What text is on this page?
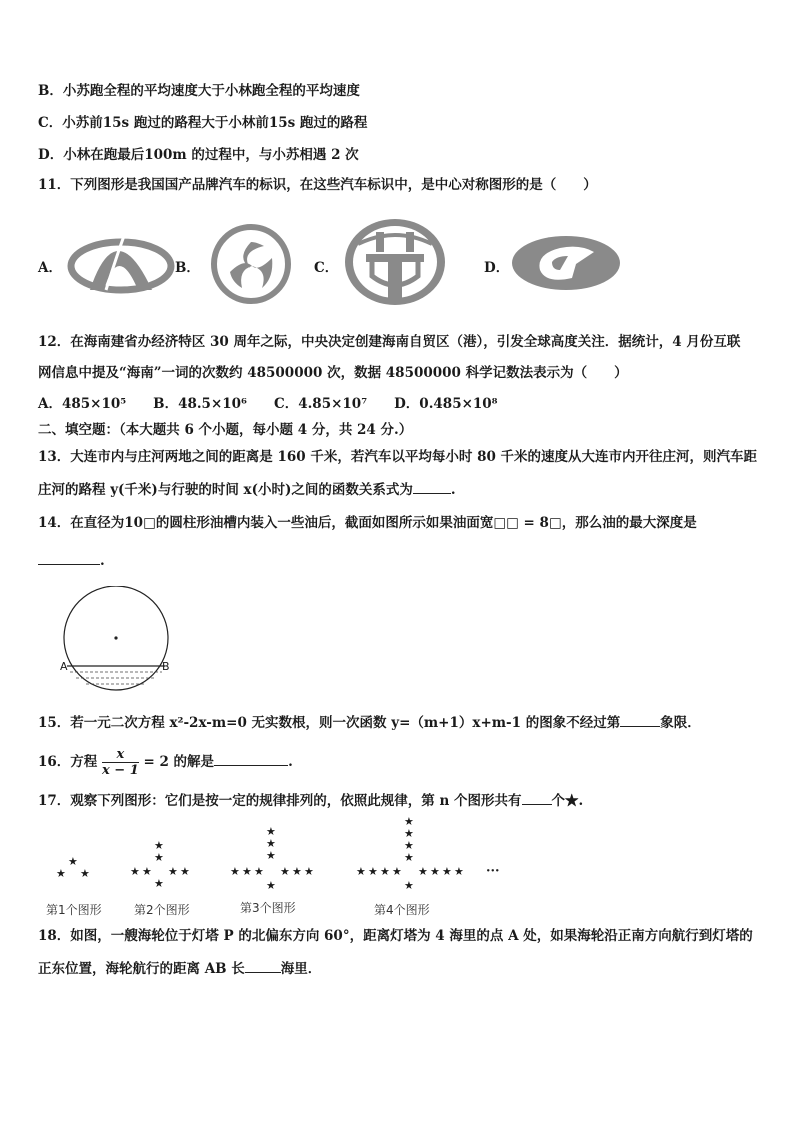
B．小苏跑全程的平均速度大于小林跑全程的平均速度
C．小苏前15s 跑过的路程大于小林前15s 跑过的路程
D．小林在跑最后100m 的过程中，与小苏相遇 2 次
11．下列图形是我国国产品牌汽车的标识，在这些汽车标识中，是中心对称图形的是（　　）
A．	B．	C．	D．
12．在海南建省办经济特区 30 周年之际，中央决定创建海南自贸区（港），引发全球高度关注．据统计，4 月份互联
网信息中提及“海南”一词的次数约 48500000 次，数据 48500000 科学记数法表示为（　　）
A．485×10⁵　　B．48.5×10⁶　　C．4.85×10⁷　　D．0.485×10⁸
二、填空题：（本大题共 6 个小题，每小题 4 分，共 24 分.）
13．大连市内与庄河两地之间的距离是 160 千米，若汽车以平均每小时 80 千米的速度从大连市内开往庄河，则汽车距
庄河的路程 y(千米)与行驶的时间 x(小时)之间的函数关系式为	.
14．在直径为10□的圆柱形油槽内装入一些油后，截面如图所示如果油面宽□□ = 8□，那么油的最大深度是
.
A	B
15．若一元二次方程 x²-2x-m=0 无实数根，则一次函数 y=（m+1）x+m-1 的图象不经过第	象限．
16．方程 $\frac{x}{x - 1} = 2$ 的解是	.
17．观察下列图形：它们是按一定的规律排列的，依照此规律，第 n 个图形共有 个★.
★
★ ★
★
★
★ ★ ★ ★
★
★
★
★
★ ★ ★ ★ ★ ★
★
★
★
★
★
★ ★ ★ ★ ★ ★ ★ ★
★
···
第1个图形	第2个图形	第3个图形	第4个图形
18．如图，一艘海轮位于灯塔 P 的北偏东方向 60°，距离灯塔为 4 海里的点 A 处，如果海轮沿正南方向航行到灯塔的
正东位置，海轮航行的距离 AB 长	海里．
